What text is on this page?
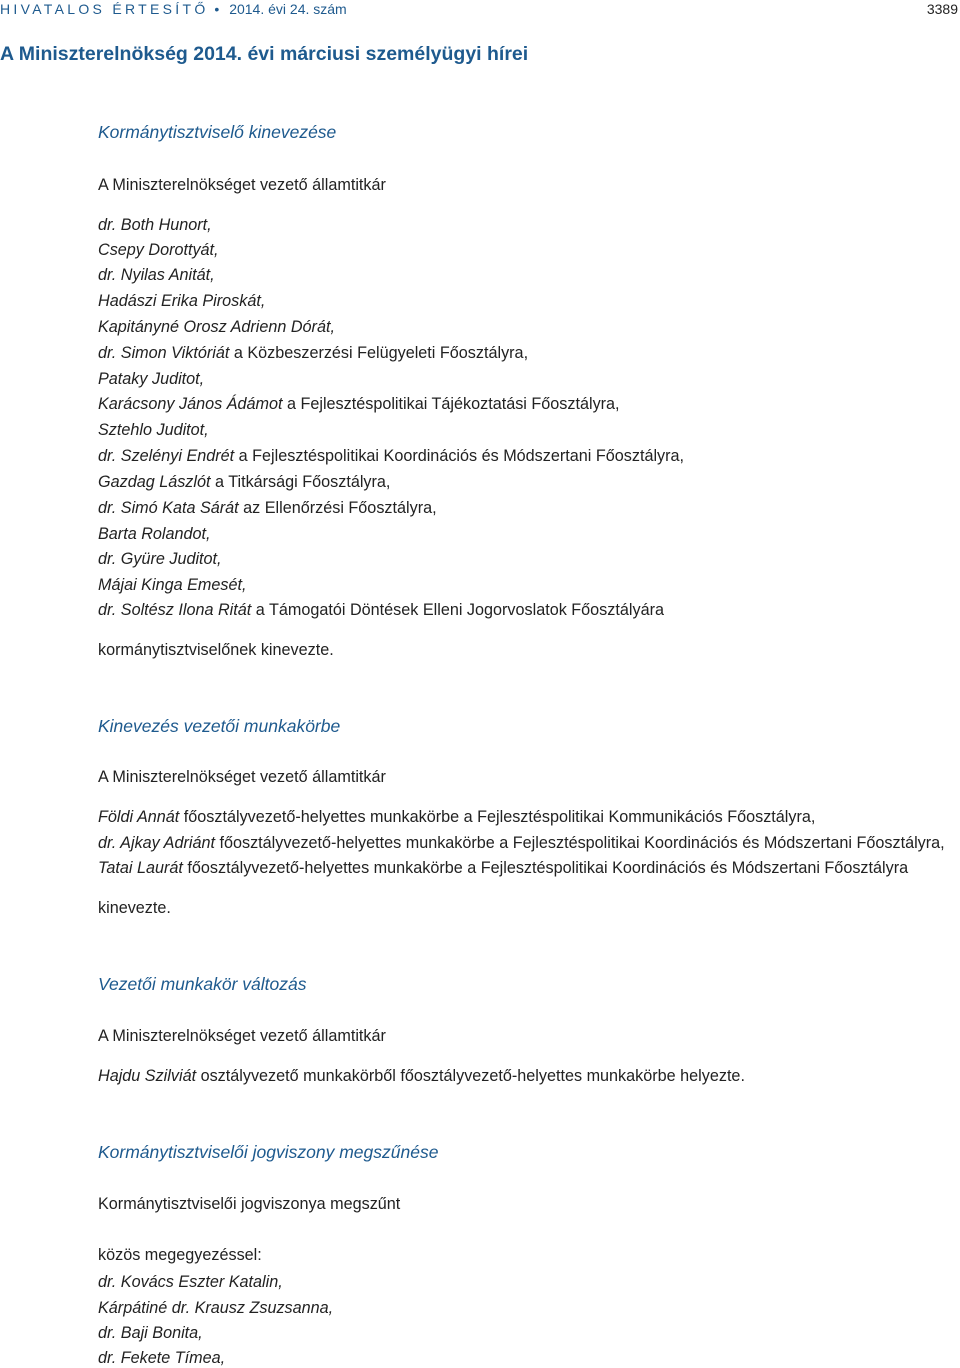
HIVATALOS ÉRTESÍTŐ • 2014. évi 24. szám	3389
A Miniszterelnökség 2014. évi márciusi személyügyi hírei
Kormánytisztviselő kinevezése
A Miniszterelnökséget vezető államtitkár
dr. Both Hunort,
Csepy Dorottyát,
dr. Nyilas Anitát,
Hadászi Erika Piroskát,
Kapitányné Orosz Adrienn Dórát,
dr. Simon Viktóriát a Közbeszerzési Felügyeleti Főosztályra,
Pataky Juditot,
Karácsony János Ádámot a Fejlesztéspolitikai Tájékoztatási Főosztályra,
Sztehlo Juditot,
dr. Szelényi Endrét a Fejlesztéspolitikai Koordinációs és Módszertani Főosztályra,
Gazdag Lászlót a Titkársági Főosztályra,
dr. Simó Kata Sárát az Ellenőrzési Főosztályra,
Barta Rolandot,
dr. Gyüre Juditot,
Májai Kinga Emesét,
dr. Soltész Ilona Ritát a Támogatói Döntések Elleni Jogorvoslatok Főosztályára
kormánytisztviselőnek kinevezte.
Kinevezés vezetői munkakörbe
A Miniszterelnökséget vezető államtitkár
Földi Annát főosztályvezető-helyettes munkakörbe a Fejlesztéspolitikai Kommunikációs Főosztályra,
dr. Ajkay Adriánt főosztályvezető-helyettes munkakörbe a Fejlesztéspolitikai Koordinációs és Módszertani Főosztályra,
Tatai Laurát főosztályvezető-helyettes munkakörbe a Fejlesztéspolitikai Koordinációs és Módszertani Főosztályra
kinevezte.
Vezetői munkakör változás
A Miniszterelnökséget vezető államtitkár
Hajdu Szilviát osztályvezető munkakörből főosztályvezető-helyettes munkakörbe helyezte.
Kormánytisztviselői jogviszony megszűnése
Kormánytisztviselői jogviszonya megszűnt
közös megegyezéssel:
dr. Kovács Eszter Katalin,
Kárpátiné dr. Krausz Zsuzsanna,
dr. Baji Bonita,
dr. Fekete Tímea,
